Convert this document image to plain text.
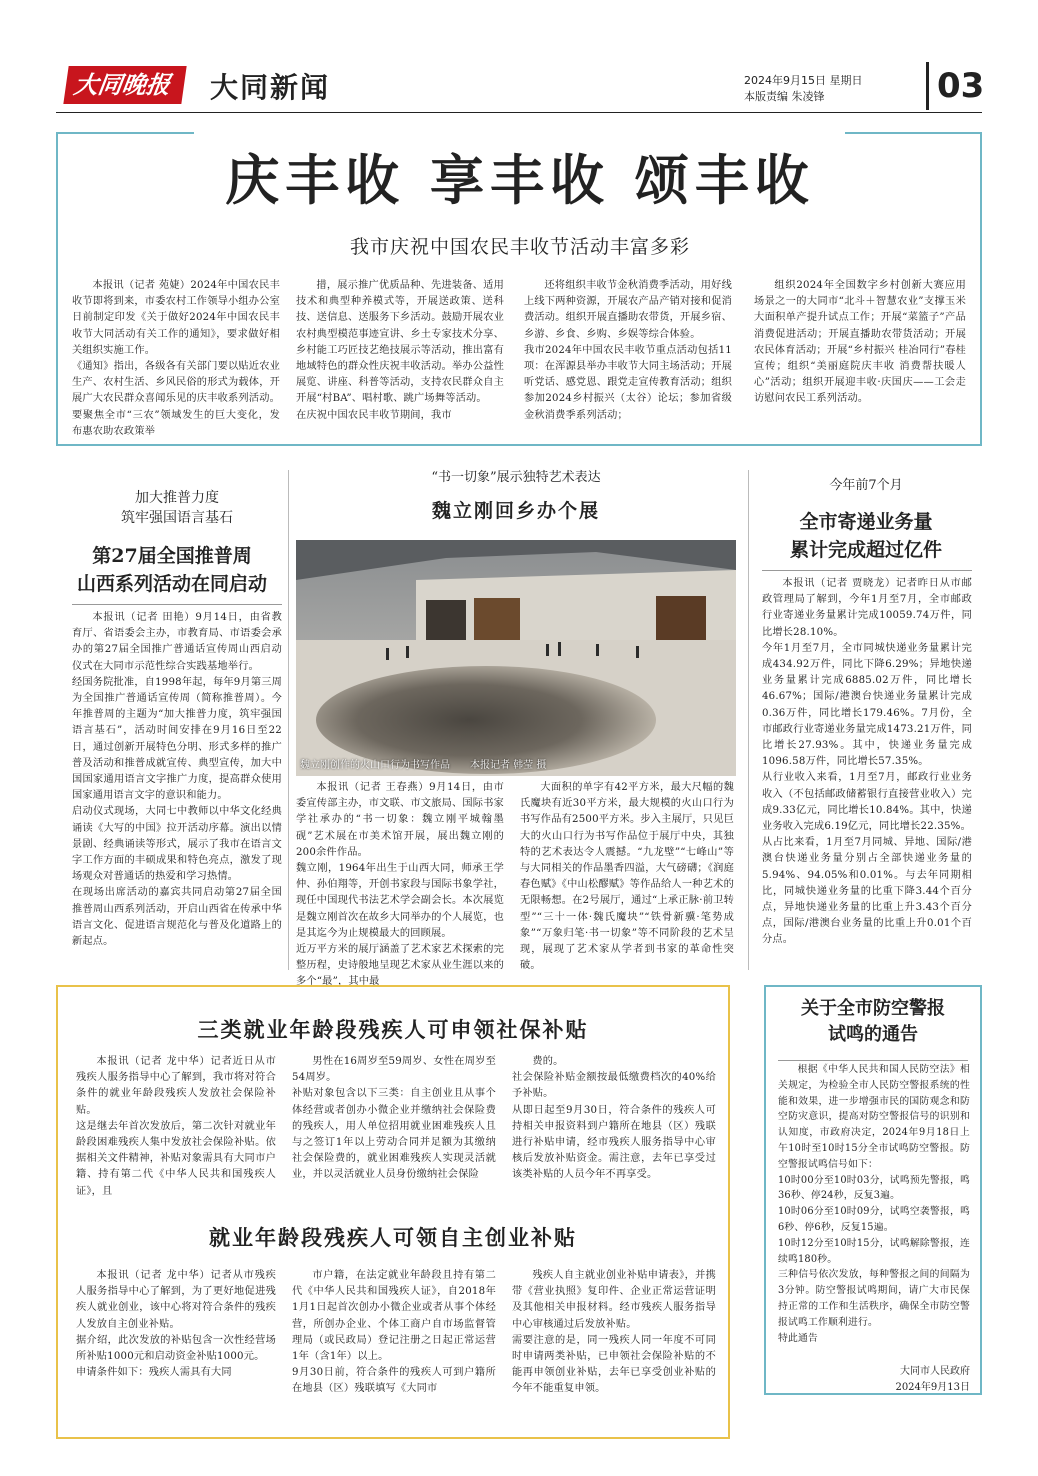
大同晚报	大同新闻	2024年9月15日 星期日
本版责编 朱凌锋	03
庆丰收 享丰收 颂丰收
我市庆祝中国农民丰收节活动丰富多彩

本报讯（记者 苑婕）2024年中国农民丰收节即将到来，市委农村工作领导小组办公室日前制定印发《关于做好2024年中国农民丰收节大同活动有关工作的通知》，要求做好相关组织实施工作。
《通知》指出，各级各有关部门要以贴近农业生产、农村生活、乡风民俗的形式为载体，开展广大农民群众喜闻乐见的庆丰收系列活动。要聚焦全市“三农”领域发生的巨大变化，发布惠农助农政策举

措，展示推广优质品种、先进装备、适用技术和典型种养模式等，开展送政策、送科技、送信息、送服务下乡活动。鼓励开展农业农村典型模范事迹宣讲、乡土专家技术分享、乡村能工巧匠技艺绝技展示等活动，推出富有地域特色的群众性庆祝丰收活动。举办公益性展览、讲座、科普等活动，支持农民群众自主开展“村BA”、唱村歌、跳广场舞等活动。
在庆祝中国农民丰收节期间，我市

还将组织丰收节金秋消费季活动，用好线上线下两种资源，开展农产品产销对接和促消费活动。组织开展直播助农带货，开展乡宿、乡游、乡食、乡购、乡娱等综合体验。
我市2024年中国农民丰收节重点活动包括11项：在浑源县举办丰收节大同主场活动；开展听党话、感党恩、跟党走宣传教育活动；组织参加2024乡村振兴（太谷）论坛；参加省级金秋消费季系列活动；

组织2024年全国数字乡村创新大赛应用场景之一的大同市“北斗＋智慧农业”支撑玉米大面积单产提升试点工作；开展“菜篮子”产品消费促进活动；开展直播助农带货活动；开展农民体育活动；开展“乡村振兴 桂冶同行”春桂宣传；组织“美丽庭院庆丰收 消费帮扶暖人心”活动；组织开展迎丰收·庆国庆——工会走访慰问农民工系列活动。

加大推普力度
筑牢强国语言基石
第27届全国推普周
山西系列活动在同启动

本报讯（记者 田艳）9月14日，由省教育厅、省语委会主办，市教育局、市语委会承办的第27届全国推广普通话宣传周山西启动仪式在大同市示范性综合实践基地举行。
经国务院批准，自1998年起，每年9月第三周为全国推广普通话宣传周（简称推普周）。今年推普周的主题为“加大推普力度，筑牢强国语言基石”，活动时间安排在9月16日至22日，通过创新开展特色分明、形式多样的推广普及活动和推普成就宣传、典型宣传，加大中国国家通用语言文字推广力度，提高群众使用国家通用语言文字的意识和能力。
启动仪式现场，大同七中教师以中华文化经典诵读《大写的中国》拉开活动序幕。演出以情景剧、经典诵读等形式，展示了我市在语言文字工作方面的丰硕成果和特色亮点，激发了现场观众对普通话的热爱和学习热情。
在现场出席活动的嘉宾共同启动第27届全国推普周山西系列活动，开启山西省在传承中华语言文化、促进语言规范化与普及化道路上的新起点。

“书一切象”展示独特艺术表达
魏立刚回乡办个展
魏立刚创作的火山口行为书写作品　　本报记者 韩莹 摄

本报讯（记者 王春燕）9月14日，由市委宣传部主办，市文联、市文旅局、国际书家学社承办的“书一切象：魏立刚平城翰墨砚”艺术展在市美术馆开展，展出魏立刚的200余件作品。
魏立刚，1964年出生于山西大同，师承王学仲、孙伯翔等，开创书家段与国际书象学社，现任中国现代书法艺术学会副会长。本次展览是魏立刚首次在故乡大同举办的个人展览，也是其迄今为止规模最大的回顾展。
近万平方米的展厅涵盖了艺术家艺术探索的完整历程，史诗般地呈现艺术家从业生涯以来的多个“最”，其中最

大面积的单字有42平方米，最大尺幅的魏氏魔块有近30平方米，最大规模的火山口行为书写作品有2500平方米。步入主展厅，只见巨大的火山口行为书写作品位于展厅中央，其独特的艺术表达令人震撼。“九龙壁”“七峰山”等与大同相关的作品墨香四溢，大气磅礴；《润庭春色赋》《中山松醪赋》等作品给人一种艺术的无限畅想。在2号展厅，通过“上承正脉·前卫转型”“三十一体·魏氏魔块”“铁骨新骥·笔势成象”“万象归笔·书一切象”等不同阶段的艺术呈现，展现了艺术家从学者到书家的革命性突破。

今年前7个月
全市寄递业务量
累计完成超过亿件

本报讯（记者 贾晓龙）记者昨日从市邮政管理局了解到，今年1月至7月，全市邮政行业寄递业务量累计完成10059.74万件，同比增长28.10%。
今年1月至7月，全市同城快递业务量累计完成434.92万件，同比下降6.29%；异地快递业务量累计完成6885.02万件，同比增长46.67%；国际/港澳台快递业务量累计完成0.36万件，同比增长179.46%。7月份，全市邮政行业寄递业务量完成1473.21万件，同比增长27.93%。其中，快递业务量完成1096.58万件，同比增长57.35%。
从行业收入来看，1月至7月，邮政行业业务收入（不包括邮政储蓄银行直接营业收入）完成9.33亿元，同比增长10.84%。其中，快递业务收入完成6.19亿元，同比增长22.35%。
从占比来看，1月至7月同城、异地、国际/港澳台快递业务量分别占全部快递业务量的5.94%、94.05%和0.01%。与去年同期相比，同城快递业务量的比重下降3.44个百分点，异地快递业务量的比重上升3.43个百分点，国际/港澳台业务量的比重上升0.01个百分点。

三类就业年龄段残疾人可申领社保补贴

本报讯（记者 龙中华）记者近日从市残疾人服务指导中心了解到，我市将对符合条件的就业年龄段残疾人发放社会保险补贴。
这是继去年首次发放后，第二次针对就业年龄段困难残疾人集中发放社会保险补贴。依据相关文件精神，补贴对象需具有大同市户籍、持有第二代《中华人民共和国残疾人证》，且

男性在16周岁至59周岁、女性在周岁至54周岁。
补贴对象包含以下三类：自主创业且从事个体经营或者创办小微企业并缴纳社会保险费的残疾人，用人单位招用就业困难残疾人且与之签订1年以上劳动合同并足额为其缴纳社会保险费的，就业困难残疾人实现灵活就业，并以灵活就业人员身份缴纳社会保险

费的。
社会保险补贴金额按最低缴费档次的40%给予补贴。
从即日起至9月30日，符合条件的残疾人可持相关申报资料到户籍所在地县（区）残联进行补贴申请，经市残疾人服务指导中心审核后发放补贴资金。需注意，去年已享受过该类补贴的人员今年不再享受。

就业年龄段残疾人可领自主创业补贴

本报讯（记者 龙中华）记者从市残疾人服务指导中心了解到，为了更好地促进残疾人就业创业，该中心将对符合条件的残疾人发放自主创业补贴。
据介绍，此次发放的补贴包含一次性经营场所补贴1000元和启动资金补贴1000元。
申请条件如下：残疾人需具有大同

市户籍，在法定就业年龄段且持有第二代《中华人民共和国残疾人证》，自2018年1月1日起首次创办小微企业或者从事个体经营，所创办企业、个体工商户自市场监督管理局（或民政局）登记注册之日起正常运营1年（含1年）以上。
9月30日前，符合条件的残疾人可到户籍所在地县（区）残联填写《大同市

残疾人自主就业创业补贴申请表》，并携带《营业执照》复印件、企业正常运营证明及其他相关申报材料。经市残疾人服务指导中心审核通过后发放补贴。
需要注意的是，同一残疾人同一年度不可同时申请两类补贴，已申领社会保险补贴的不能再申领创业补贴，去年已享受创业补贴的今年不能重复申领。

关于全市防空警报
试鸣的通告

根据《中华人民共和国人民防空法》相关规定，为检验全市人民防空警报系统的性能和效果，进一步增强市民的国防观念和防空防灾意识，提高对防空警报信号的识别和认知度，市政府决定，2024年9月18日上午10时至10时15分全市试鸣防空警报。防空警报试鸣信号如下：
10时00分至10时03分，试鸣预先警报，鸣36秒、停24秒，反复3遍。
10时06分至10时09分，试鸣空袭警报，鸣6秒、停6秒，反复15遍。
10时12分至10时15分，试鸣解除警报，连续鸣180秒。
三种信号依次发放，每种警报之间的间隔为3分钟。防空警报试鸣期间，请广大市民保持正常的工作和生活秩序，确保全市防空警报试鸣工作顺利进行。
特此通告

大同市人民政府
2024年9月13日
